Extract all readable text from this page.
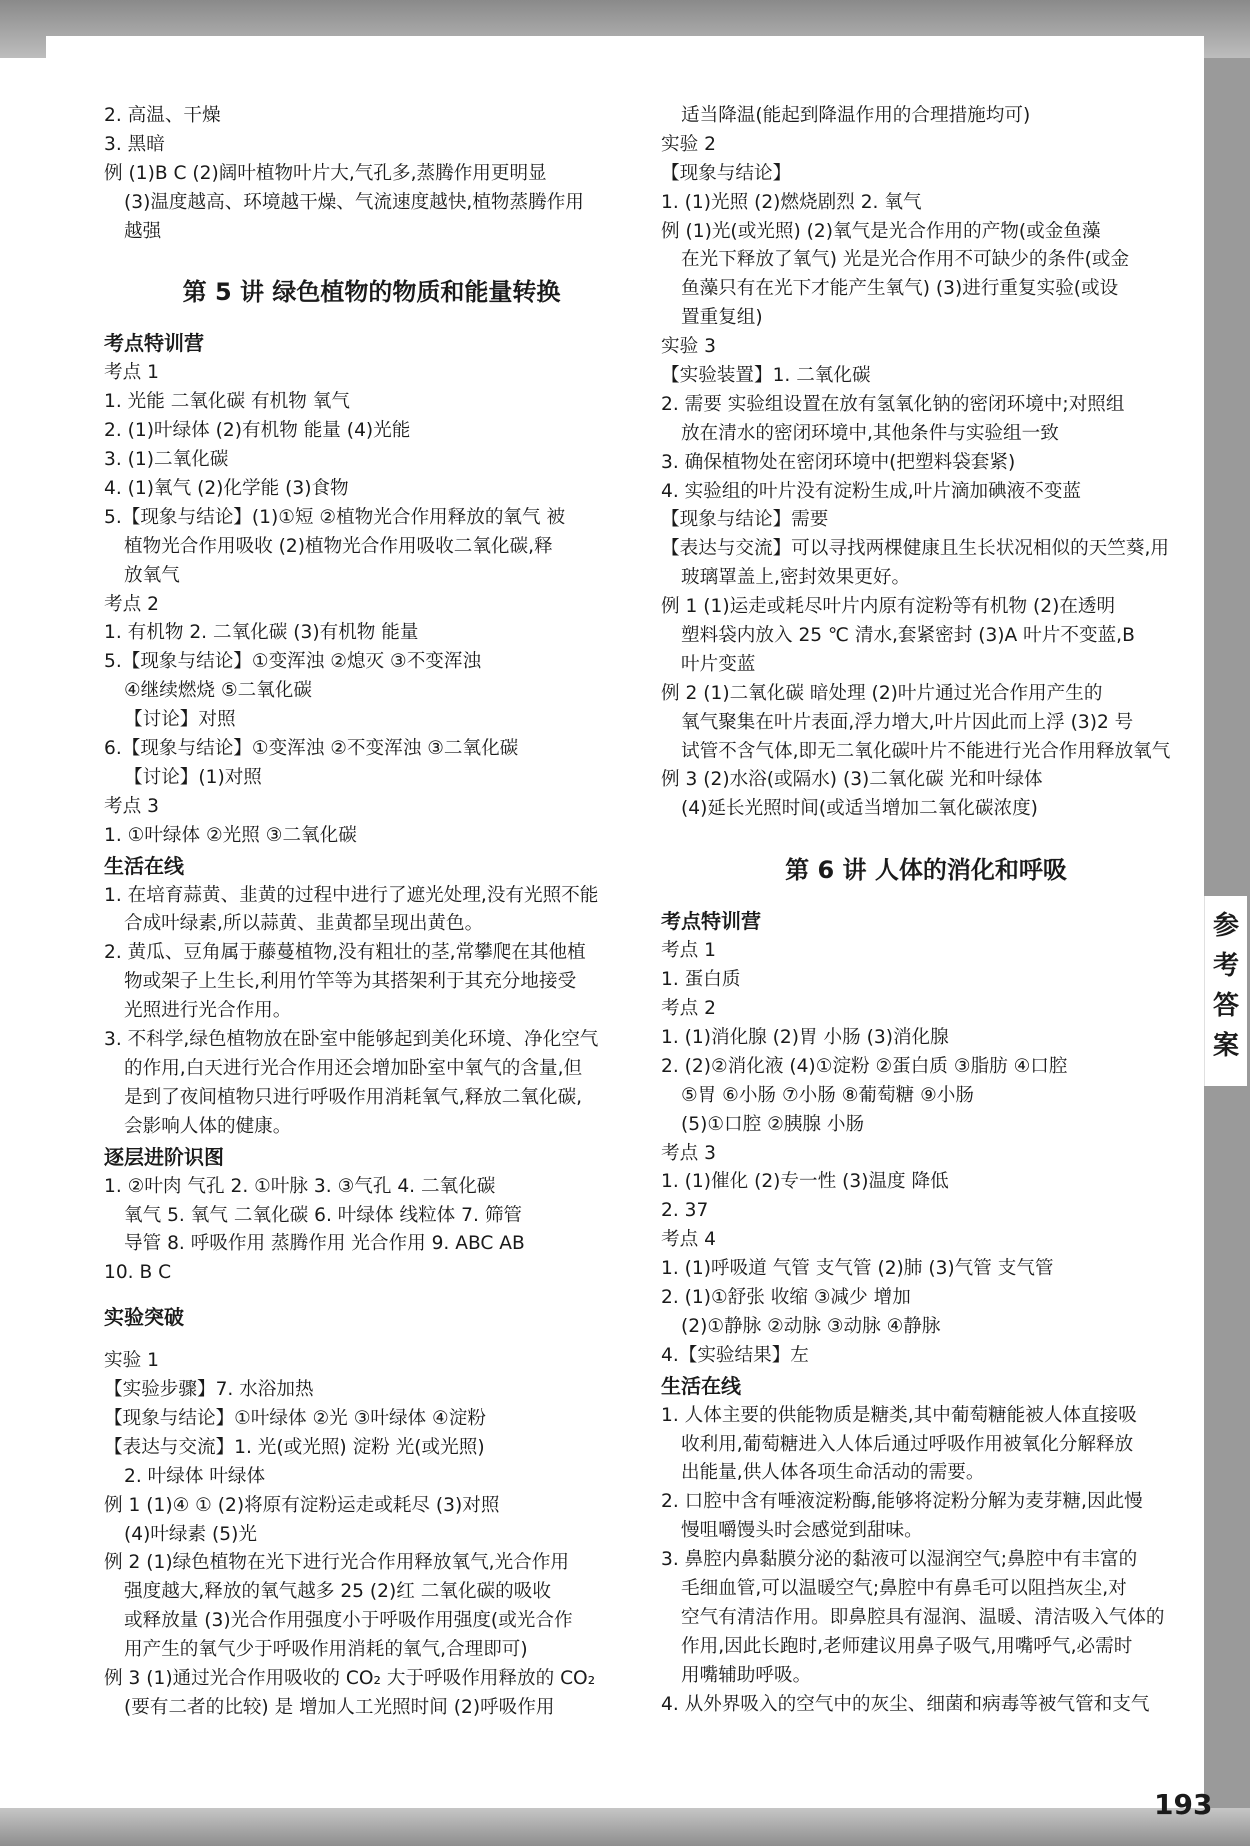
2. 高温、干燥
3. 黑暗
例 (1)B C (2)阔叶植物叶片大,气孔多,蒸腾作用更明显
(3)温度越高、环境越干燥、气流速度越快,植物蒸腾作用
越强
第 5 讲 绿色植物的物质和能量转换
考点特训营
考点 1
1. 光能 二氧化碳 有机物 氧气
2. (1)叶绿体 (2)有机物 能量 (4)光能
3. (1)二氧化碳
4. (1)氧气 (2)化学能 (3)食物
5.【现象与结论】(1)①短 ②植物光合作用释放的氧气 被
植物光合作用吸收 (2)植物光合作用吸收二氧化碳,释
放氧气
考点 2
1. 有机物 2. 二氧化碳 (3)有机物 能量
5.【现象与结论】①变浑浊 ②熄灭 ③不变浑浊
④继续燃烧 ⑤二氧化碳
【讨论】对照
6.【现象与结论】①变浑浊 ②不变浑浊 ③二氧化碳
【讨论】(1)对照
考点 3
1. ①叶绿体 ②光照 ③二氧化碳
生活在线
1. 在培育蒜黄、韭黄的过程中进行了遮光处理,没有光照不能
合成叶绿素,所以蒜黄、韭黄都呈现出黄色。
2. 黄瓜、豆角属于藤蔓植物,没有粗壮的茎,常攀爬在其他植
物或架子上生长,利用竹竿等为其搭架利于其充分地接受
光照进行光合作用。
3. 不科学,绿色植物放在卧室中能够起到美化环境、净化空气
的作用,白天进行光合作用还会增加卧室中氧气的含量,但
是到了夜间植物只进行呼吸作用消耗氧气,释放二氧化碳,
会影响人体的健康。
逐层进阶识图
1. ②叶肉 气孔 2. ①叶脉 3. ③气孔 4. 二氧化碳
氧气 5. 氧气 二氧化碳 6. 叶绿体 线粒体 7. 筛管
导管 8. 呼吸作用 蒸腾作用 光合作用 9. ABC AB
10. B C
实验突破
实验 1
【实验步骤】7. 水浴加热
【现象与结论】①叶绿体 ②光 ③叶绿体 ④淀粉
【表达与交流】1. 光(或光照) 淀粉 光(或光照)
2. 叶绿体 叶绿体
例 1 (1)④ ① (2)将原有淀粉运走或耗尽 (3)对照
(4)叶绿素 (5)光
例 2 (1)绿色植物在光下进行光合作用释放氧气,光合作用
强度越大,释放的氧气越多 25 (2)红 二氧化碳的吸收
或释放量 (3)光合作用强度小于呼吸作用强度(或光合作
用产生的氧气少于呼吸作用消耗的氧气,合理即可)
例 3 (1)通过光合作用吸收的 CO₂ 大于呼吸作用释放的 CO₂
(要有二者的比较) 是 增加人工光照时间 (2)呼吸作用
适当降温(能起到降温作用的合理措施均可)
实验 2
【现象与结论】
1. (1)光照 (2)燃烧剧烈 2. 氧气
例 (1)光(或光照) (2)氧气是光合作用的产物(或金鱼藻
在光下释放了氧气) 光是光合作用不可缺少的条件(或金
鱼藻只有在光下才能产生氧气) (3)进行重复实验(或设
置重复组)
实验 3
【实验装置】1. 二氧化碳
2. 需要 实验组设置在放有氢氧化钠的密闭环境中;对照组
放在清水的密闭环境中,其他条件与实验组一致
3. 确保植物处在密闭环境中(把塑料袋套紧)
4. 实验组的叶片没有淀粉生成,叶片滴加碘液不变蓝
【现象与结论】需要
【表达与交流】可以寻找两棵健康且生长状况相似的天竺葵,用
玻璃罩盖上,密封效果更好。
例 1 (1)运走或耗尽叶片内原有淀粉等有机物 (2)在透明
塑料袋内放入 25 ℃ 清水,套紧密封 (3)A 叶片不变蓝,B
叶片变蓝
例 2 (1)二氧化碳 暗处理 (2)叶片通过光合作用产生的
氧气聚集在叶片表面,浮力增大,叶片因此而上浮 (3)2 号
试管不含气体,即无二氧化碳叶片不能进行光合作用释放氧气
例 3 (2)水浴(或隔水) (3)二氧化碳 光和叶绿体
(4)延长光照时间(或适当增加二氧化碳浓度)
第 6 讲 人体的消化和呼吸
考点特训营
考点 1
1. 蛋白质
考点 2
1. (1)消化腺 (2)胃 小肠 (3)消化腺
2. (2)②消化液 (4)①淀粉 ②蛋白质 ③脂肪 ④口腔
⑤胃 ⑥小肠 ⑦小肠 ⑧葡萄糖 ⑨小肠
(5)①口腔 ②胰腺 小肠
考点 3
1. (1)催化 (2)专一性 (3)温度 降低
2. 37
考点 4
1. (1)呼吸道 气管 支气管 (2)肺 (3)气管 支气管
2. (1)①舒张 收缩 ③减少 增加
(2)①静脉 ②动脉 ③动脉 ④静脉
4.【实验结果】左
生活在线
1. 人体主要的供能物质是糖类,其中葡萄糖能被人体直接吸
收利用,葡萄糖进入人体后通过呼吸作用被氧化分解释放
出能量,供人体各项生命活动的需要。
2. 口腔中含有唾液淀粉酶,能够将淀粉分解为麦芽糖,因此慢
慢咀嚼馒头时会感觉到甜味。
3. 鼻腔内鼻黏膜分泌的黏液可以湿润空气;鼻腔中有丰富的
毛细血管,可以温暖空气;鼻腔中有鼻毛可以阻挡灰尘,对
空气有清洁作用。即鼻腔具有湿润、温暖、清洁吸入气体的
作用,因此长跑时,老师建议用鼻子吸气,用嘴呼气,必需时
用嘴辅助呼吸。
4. 从外界吸入的空气中的灰尘、细菌和病毒等被气管和支气
参
考
答
案
193
